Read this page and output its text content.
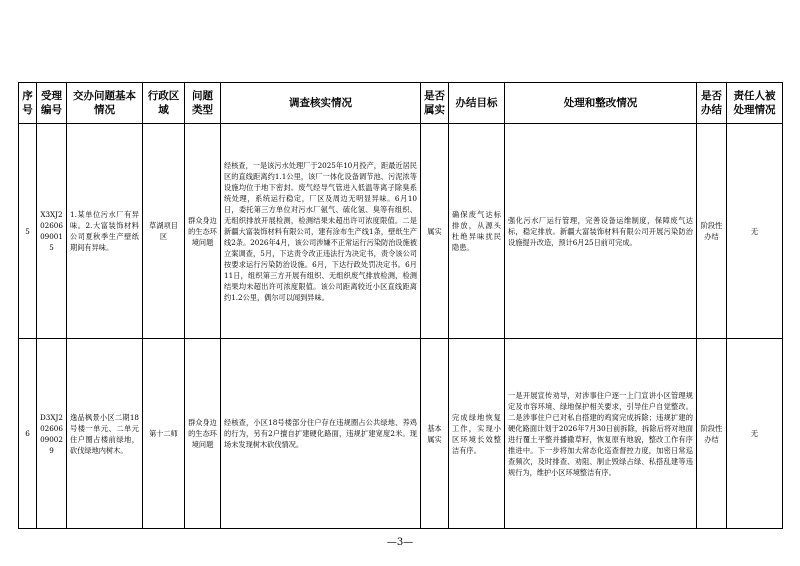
序号	受理编号	交办问题基本情况	行政区域	问题类型	调查核实情况	是否属实	办结目标	处理和整改情况	是否办结	责任人被处理情况
5	X3XJ202606090015	1.某单位污水厂有异味。2.大富装饰材料公司夏秋季生产壁纸期间有异味。	草湖项目区	群众身边的生态环境问题	经核查，一是该污水处理厂于2025年10月投产，距最近居民区的直线距离约1.1公里，该厂一体化设备调节池、污泥浓等设施均位于地下密封。废气经导气管进入低温等离子除臭系统处理，系统运行稳定，厂区及周边无明显异味。6月10日，委托第三方单位对污水厂氨气、硫化氢、臭等有组织、无组织排放开展检测，检测结果未超出许可浓度限值。二是新疆大富装饰材料有限公司，建有涂布生产线1条，壁纸生产线2条。2026年4月，该公司涉嫌不正常运行污染防治设施被立案调查，5月，下达责令改正违法行为决定书，责令该公司按要求运行污染防治设施。6月，下达行政处罚决定书。6月11日，组织第三方开展有组织、无组织废气排放检测，检测结果均未超出许可浓度限值。该公司距离较近小区直线距离约1.2公里，偶尔可以闻到异味。	属实	确保废气达标排放，从源头杜绝异味扰民隐患。	强化污水厂运行管理，完善设备运维制度，保障废气达标，稳定排放。新疆大富装饰材料有限公司开展污染防治设施提升改造，预计6月25日前可完成。	阶段性办结	无
6	D3XJ202606090029	逸品枫景小区二期18号楼一单元、二单元住户圈占楼前绿地，砍伐绿地内树木。	第十二师	群众身边的生态环境问题	经核查，小区18号楼部分住户存在违规圈占公共绿地、养鸡的行为，另有2户擅自扩建硬化路面，违规扩建宽度2米。现场未发现树木砍伐情况。	基本属实	完成绿地恢复工作，实现小区环境长效整洁有序。	一是开展宣传劝导，对涉事住户逐一上门宣讲小区管理规定及市容环境、绿地保护相关要求，引导住户自觉整改。二是涉事住户已对私自搭建的鸡窝完成拆除；违规扩建的硬化路面计划于2026年7月30日前拆除，拆除后将对地面进行覆土平整并播撒草籽，恢复原有地貌，整改工作有序推进中。下一步将加大常态化巡查督控力度，加密日常巡查频次，及时排查、劝阻、制止毁绿占绿、私搭乱建等违规行为，维护小区环境整洁有序。	阶段性办结	无
—3—
